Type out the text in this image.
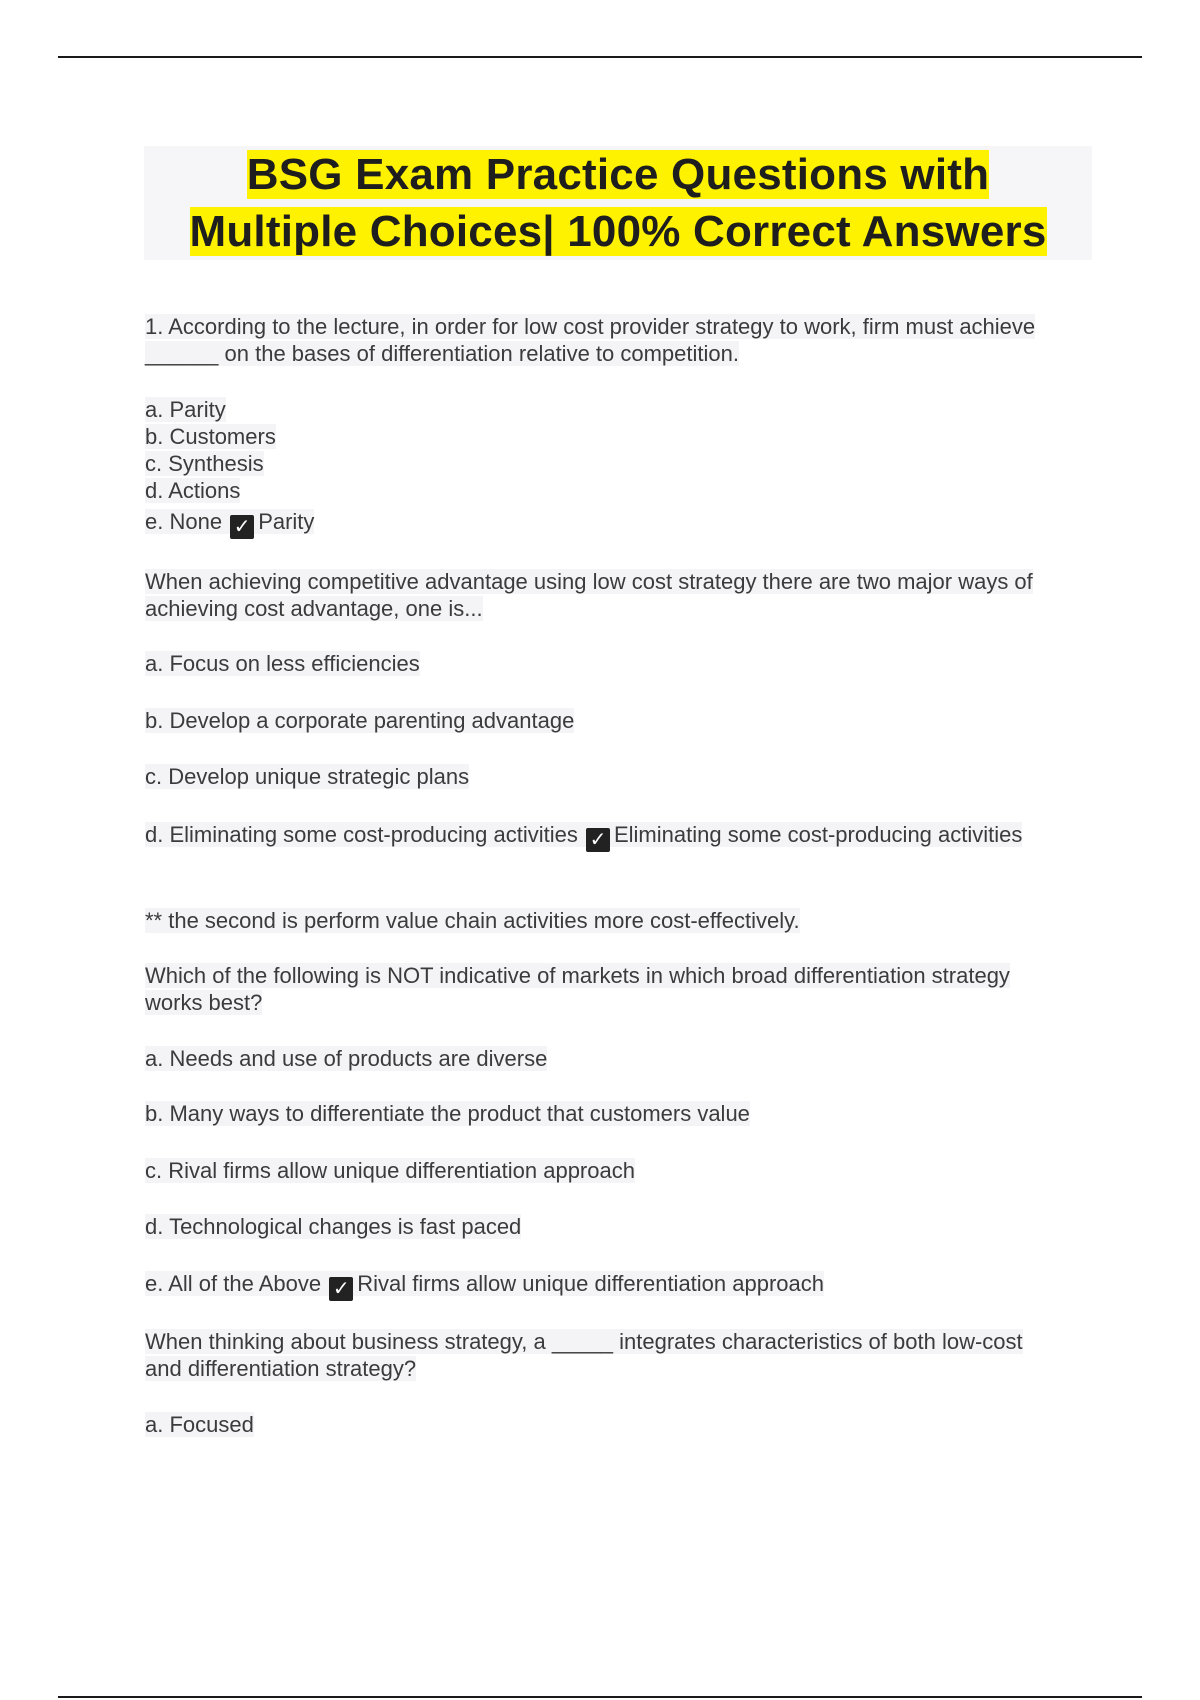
BSG Exam Practice Questions with
Multiple Choices| 100% Correct Answers
1. According to the lecture, in order for low cost provider strategy to work, firm must achieve ______ on the bases of differentiation relative to competition.
a. Parity
b. Customers
c. Synthesis
d. Actions
e. None ✓ Parity
When achieving competitive advantage using low cost strategy there are two major ways of achieving cost advantage, one is...
a. Focus on less efficiencies
b. Develop a corporate parenting advantage
c. Develop unique strategic plans
d. Eliminating some cost-producing activities ✓ Eliminating some cost-producing activities
** the second is perform value chain activities more cost-effectively.
Which of the following is NOT indicative of markets in which broad differentiation strategy works best?
a. Needs and use of products are diverse
b. Many ways to differentiate the product that customers value
c. Rival firms allow unique differentiation approach
d. Technological changes is fast paced
e. All of the Above ✓ Rival firms allow unique differentiation approach
When thinking about business strategy, a _____ integrates characteristics of both low-cost and differentiation strategy?
a. Focused
